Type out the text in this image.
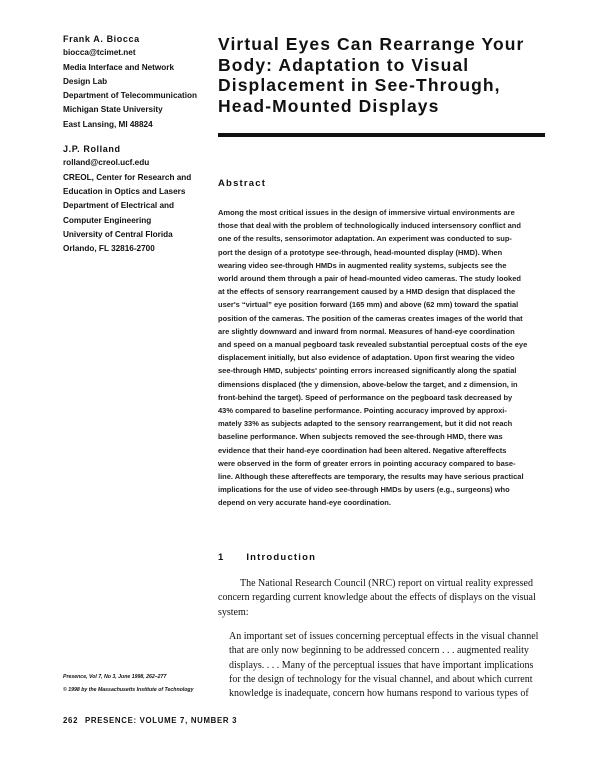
Frank A. Biocca
biocca@tcimet.net
Media Interface and Network
Design Lab
Department of Telecommunication
Michigan State University
East Lansing, MI 48824
J.P. Rolland
rolland@creol.ucf.edu
CREOL, Center for Research and
Education in Optics and Lasers
Department of Electrical and
Computer Engineering
University of Central Florida
Orlando, FL 32816-2700
Virtual Eyes Can Rearrange Your
Body: Adaptation to Visual
Displacement in See-Through,
Head-Mounted Displays
Abstract
Among the most critical issues in the design of immersive virtual environments are
those that deal with the problem of technologically induced intersensory conflict and
one of the results, sensorimotor adaptation. An experiment was conducted to sup-
port the design of a prototype see-through, head-mounted display (HMD). When
wearing video see-through HMDs in augmented reality systems, subjects see the
world around them through a pair of head-mounted video cameras. The study looked
at the effects of sensory rearrangement caused by a HMD design that displaced the
user's “virtual” eye position forward (165 mm) and above (62 mm) toward the spatial
position of the cameras. The position of the cameras creates images of the world that
are slightly downward and inward from normal. Measures of hand-eye coordination
and speed on a manual pegboard task revealed substantial perceptual costs of the eye
displacement initially, but also evidence of adaptation. Upon first wearing the video
see-through HMD, subjects' pointing errors increased significantly along the spatial
dimensions displaced (the y dimension, above-below the target, and z dimension, in
front-behind the target). Speed of performance on the pegboard task decreased by
43% compared to baseline performance. Pointing accuracy improved by approxi-
mately 33% as subjects adapted to the sensory rearrangement, but it did not reach
baseline performance. When subjects removed the see-through HMD, there was
evidence that their hand-eye coordination had been altered. Negative aftereffects
were observed in the form of greater errors in pointing accuracy compared to base-
line. Although these aftereffects are temporary, the results may have serious practical
implications for the use of video see-through HMDs by users (e.g., surgeons) who
depend on very accurate hand-eye coordination.
1 Introduction
The National Research Council (NRC) report on virtual reality expressed
concern regarding current knowledge about the effects of displays on the visual
system:
An important set of issues concerning perceptual effects in the visual channel
that are only now beginning to be addressed concern . . . augmented reality
displays. . . . Many of the perceptual issues that have important implications
for the design of technology for the visual channel, and about which current
knowledge is inadequate, concern how humans respond to various types of
Presence, Vol 7, No 3, June 1998, 262–277
© 1998 by the Massachusetts Institute of Technology
262 PRESENCE: VOLUME 7, NUMBER 3
